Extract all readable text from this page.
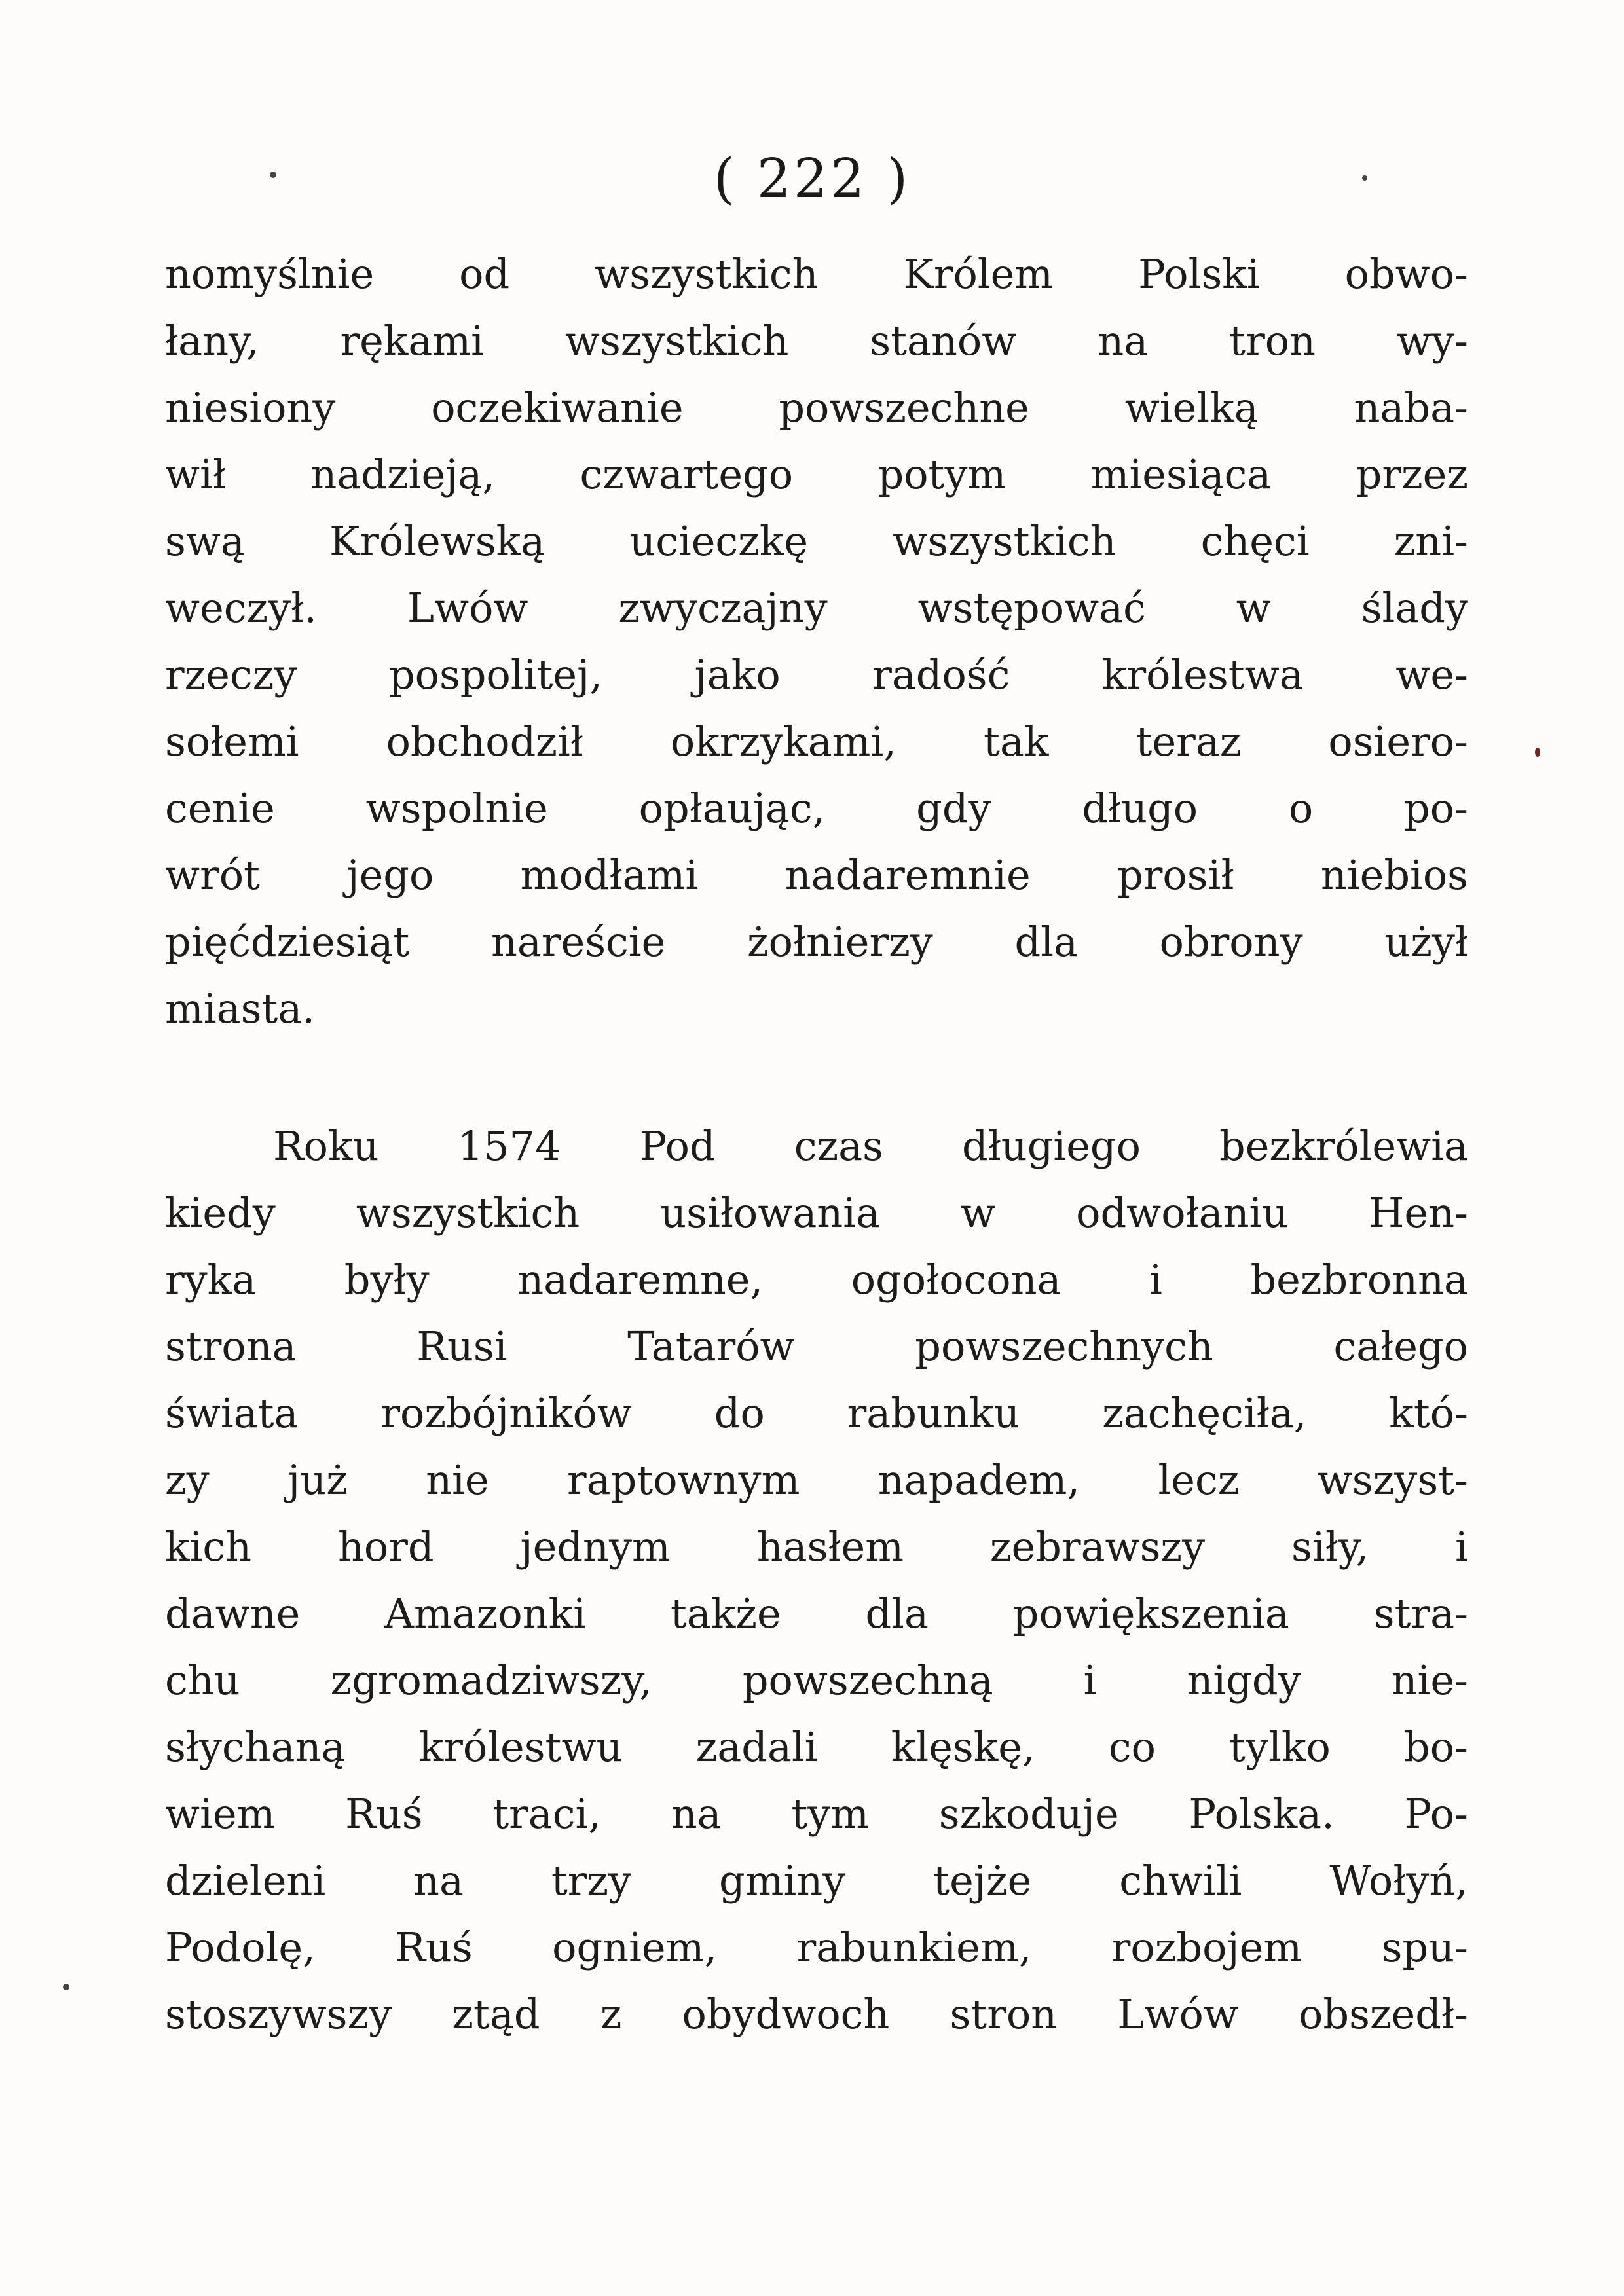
( 222 )
nomyślnie od wszystkich Królem Polski obwo-
łany, rękami wszystkich stanów na tron wy-
niesiony oczekiwanie powszechne wielką naba-
wił nadzieją, czwartego potym miesiąca przez
swą Królewską ucieczkę wszystkich chęci zni-
weczył. Lwów zwyczajny wstępować w ślady
rzeczy pospolitej, jako radość królestwa we-
sołemi obchodził okrzykami, tak teraz osiero-
cenie wspolnie opłaując, gdy długo o po-
wrót jego modłami nadaremnie prosił niebios
pięćdziesiąt nareście żołnierzy dla obrony użył
miasta.
Roku 1574 Pod czas długiego bezkrólewia
kiedy wszystkich usiłowania w odwołaniu Hen-
ryka były nadaremne, ogołocona i bezbronna
strona Rusi Tatarów powszechnych całego
świata rozbójników do rabunku zachęciła, któ-
zy już nie raptownym napadem, lecz wszyst-
kich hord jednym hasłem zebrawszy siły, i
dawne Amazonki także dla powiększenia stra-
chu zgromadziwszy, powszechną i nigdy nie-
słychaną królestwu zadali klęskę, co tylko bo-
wiem Ruś traci, na tym szkoduje Polska. Po-
dzieleni na trzy gminy tejże chwili Wołyń,
Podolę, Ruś ogniem, rabunkiem, rozbojem spu-
stoszywszy ztąd z obydwoch stron Lwów obszedł-
